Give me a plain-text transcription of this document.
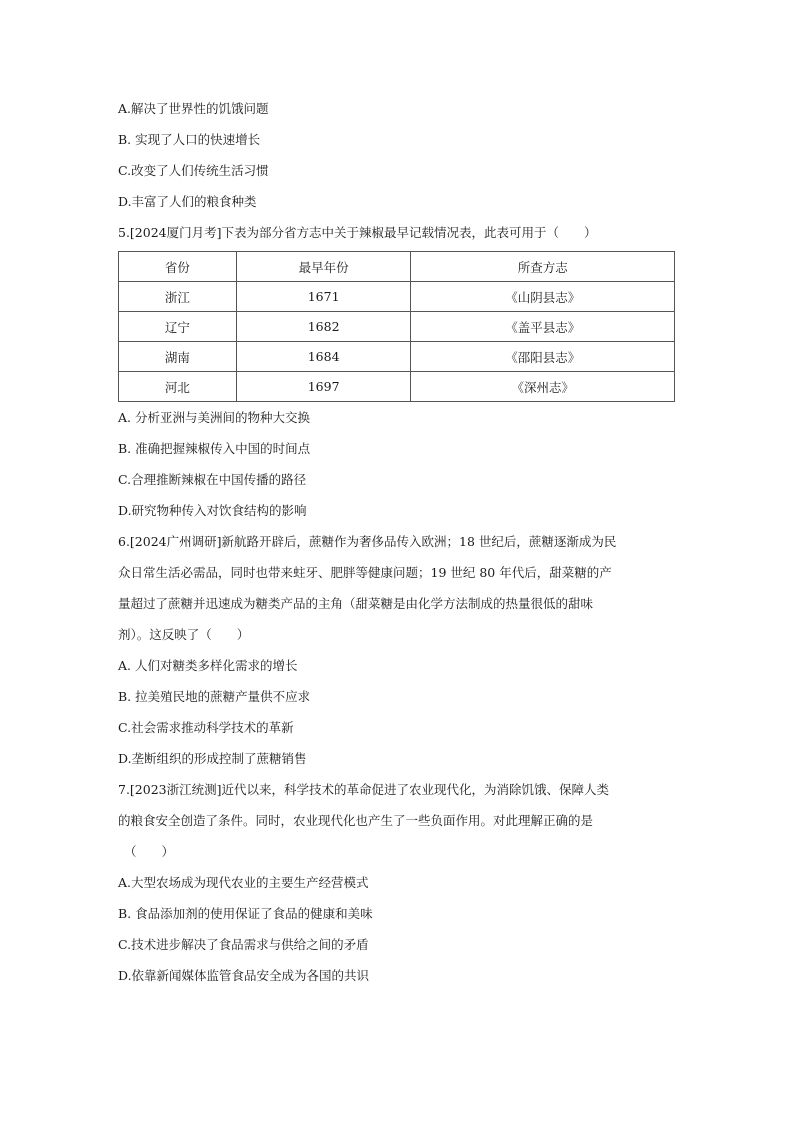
A.解决了世界性的饥饿问题
B. 实现了人口的快速增长
C.改变了人们传统生活习惯
D.丰富了人们的粮食种类
5.[2024厦门月考]下表为部分省方志中关于辣椒最早记载情况表，此表可用于（　　）
省份	最早年份	所查方志
浙江	1671	《山阴县志》
辽宁	1682	《盖平县志》
湖南	1684	《邵阳县志》
河北	1697	《深州志》
A. 分析亚洲与美洲间的物种大交换
B. 准确把握辣椒传入中国的时间点
C.合理推断辣椒在中国传播的路径
D.研究物种传入对饮食结构的影响
6.[2024广州调研]新航路开辟后，蔗糖作为奢侈品传入欧洲；18 世纪后，蔗糖逐渐成为民
众日常生活必需品，同时也带来蛀牙、肥胖等健康问题；19 世纪 80 年代后，甜菜糖的产
量超过了蔗糖并迅速成为糖类产品的主角（甜菜糖是由化学方法制成的热量很低的甜味
剂）。这反映了（　　）
A. 人们对糖类多样化需求的增长
B. 拉美殖民地的蔗糖产量供不应求
C.社会需求推动科学技术的革新
D.垄断组织的形成控制了蔗糖销售
7.[2023浙江统测]近代以来，科学技术的革命促进了农业现代化，为消除饥饿、保障人类
的粮食安全创造了条件。同时，农业现代化也产生了一些负面作用。对此理解正确的是
（　　）
A.大型农场成为现代农业的主要生产经营模式
B. 食品添加剂的使用保证了食品的健康和美味
C.技术进步解决了食品需求与供给之间的矛盾
D.依靠新闻媒体监管食品安全成为各国的共识
